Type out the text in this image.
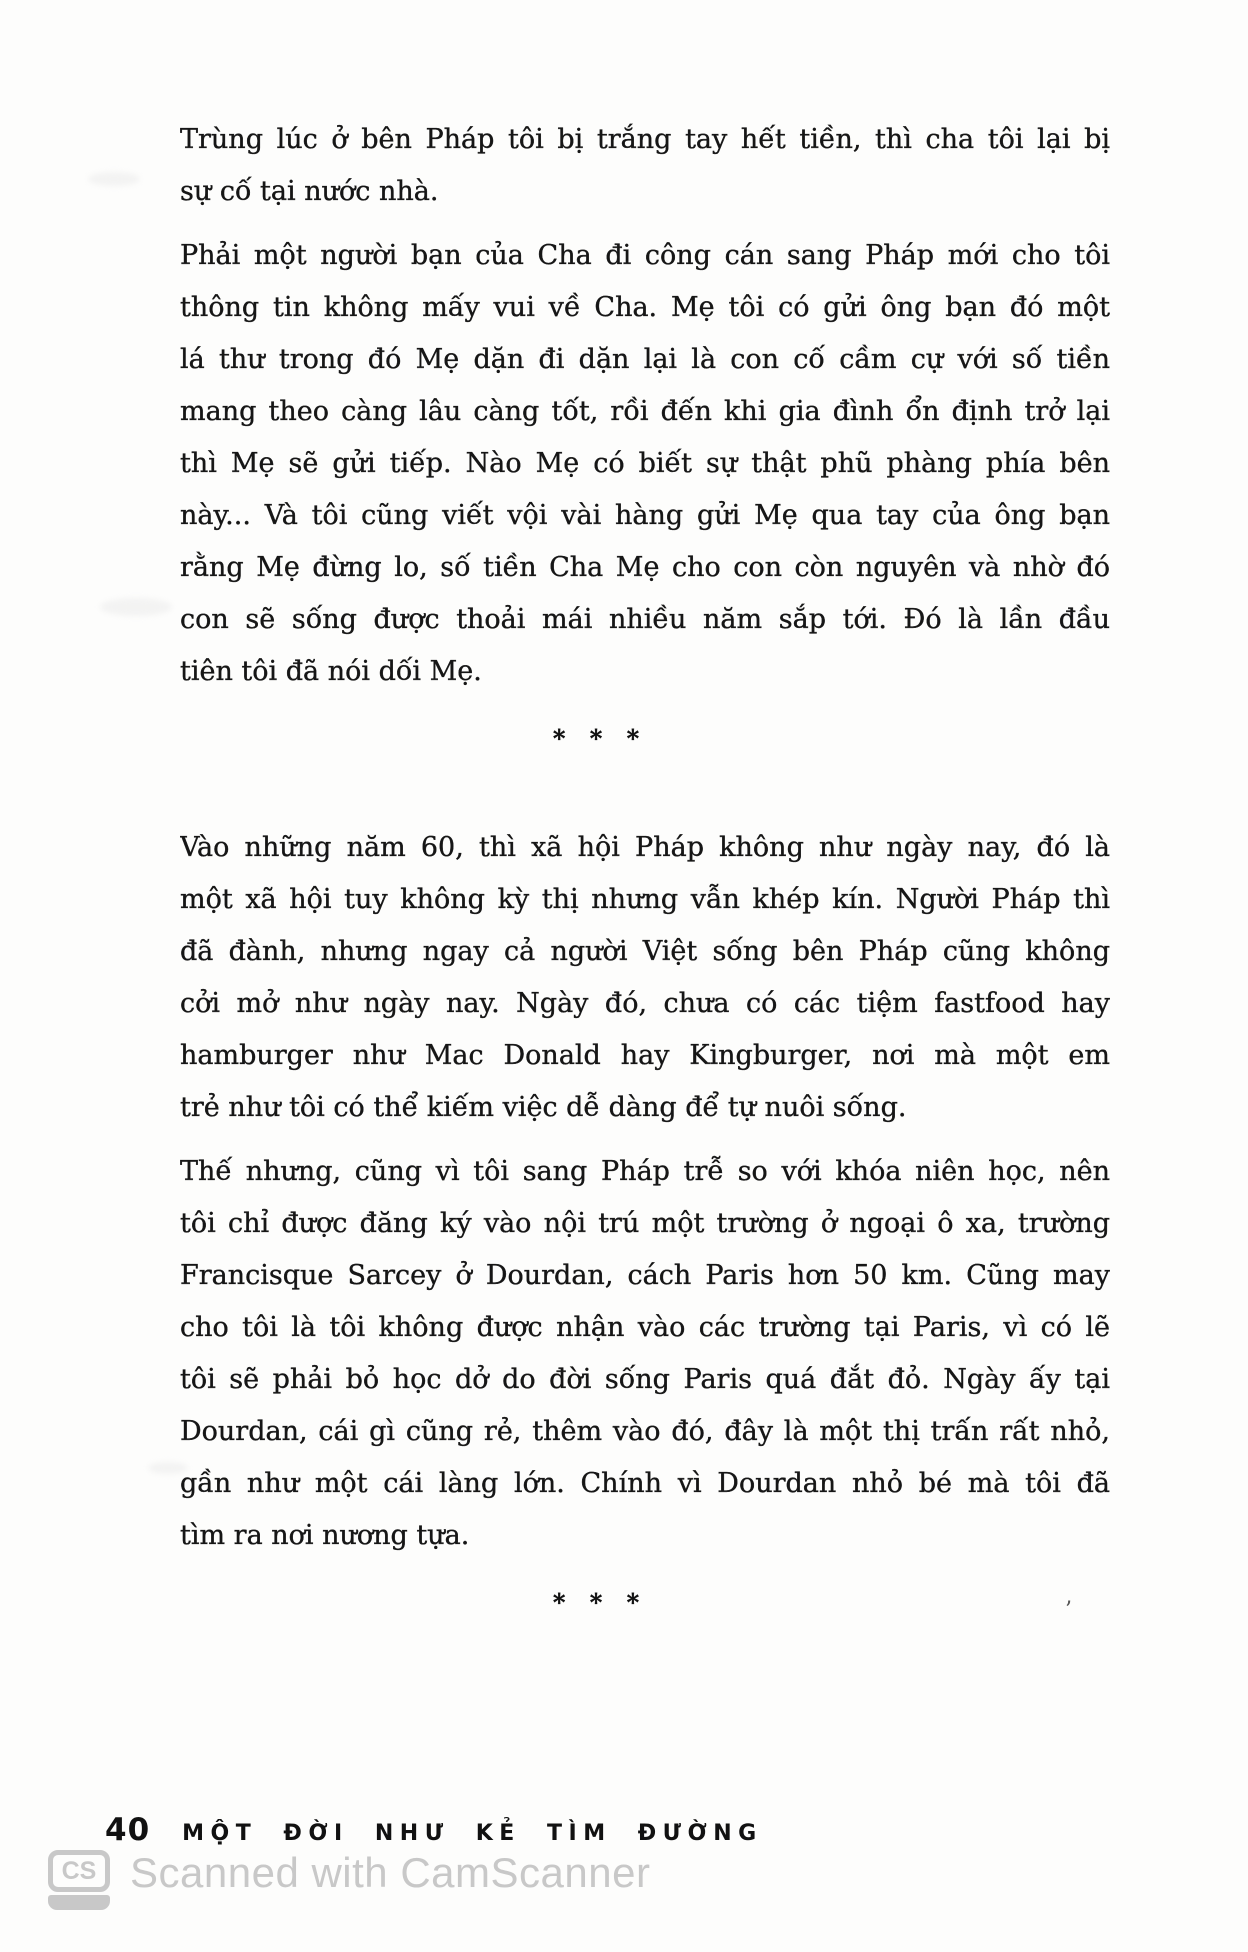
Trùng lúc ở bên Pháp tôi bị trắng tay hết tiền, thì cha tôi lại bị
sự cố tại nước nhà.
Phải một người bạn của Cha đi công cán sang Pháp mới cho tôi
thông tin không mấy vui về Cha. Mẹ tôi có gửi ông bạn đó một
lá thư trong đó Mẹ dặn đi dặn lại là con cố cầm cự với số tiền
mang theo càng lâu càng tốt, rồi đến khi gia đình ổn định trở lại
thì Mẹ sẽ gửi tiếp. Nào Mẹ có biết sự thật phũ phàng phía bên
này... Và tôi cũng viết vội vài hàng gửi Mẹ qua tay của ông bạn
rằng Mẹ đừng lo, số tiền Cha Mẹ cho con còn nguyên và nhờ đó
con sẽ sống được thoải mái nhiều năm sắp tới. Đó là lần đầu
tiên tôi đã nói dối Mẹ.
* * *
Vào những năm 60, thì xã hội Pháp không như ngày nay, đó là
một xã hội tuy không kỳ thị nhưng vẫn khép kín. Người Pháp thì
đã đành, nhưng ngay cả người Việt sống bên Pháp cũng không
cởi mở như ngày nay. Ngày đó, chưa có các tiệm fastfood hay
hamburger như Mac Donald hay Kingburger, nơi mà một em
trẻ như tôi có thể kiếm việc dễ dàng để tự nuôi sống.
Thế nhưng, cũng vì tôi sang Pháp trễ so với khóa niên học, nên
tôi chỉ được đăng ký vào nội trú một trường ở ngoại ô xa, trường
Francisque Sarcey ở Dourdan, cách Paris hơn 50 km. Cũng may
cho tôi là tôi không được nhận vào các trường tại Paris, vì có lẽ
tôi sẽ phải bỏ học dở do đời sống Paris quá đắt đỏ. Ngày ấy tại
Dourdan, cái gì cũng rẻ, thêm vào đó, đây là một thị trấn rất nhỏ,
gần như một cái làng lớn. Chính vì Dourdan nhỏ bé mà tôi đã
tìm ra nơi nương tựa.
* * *	’
40 MỘT ĐỜI NHƯ KẺ TÌM ĐƯỜNG
CS Scanned with CamScanner
